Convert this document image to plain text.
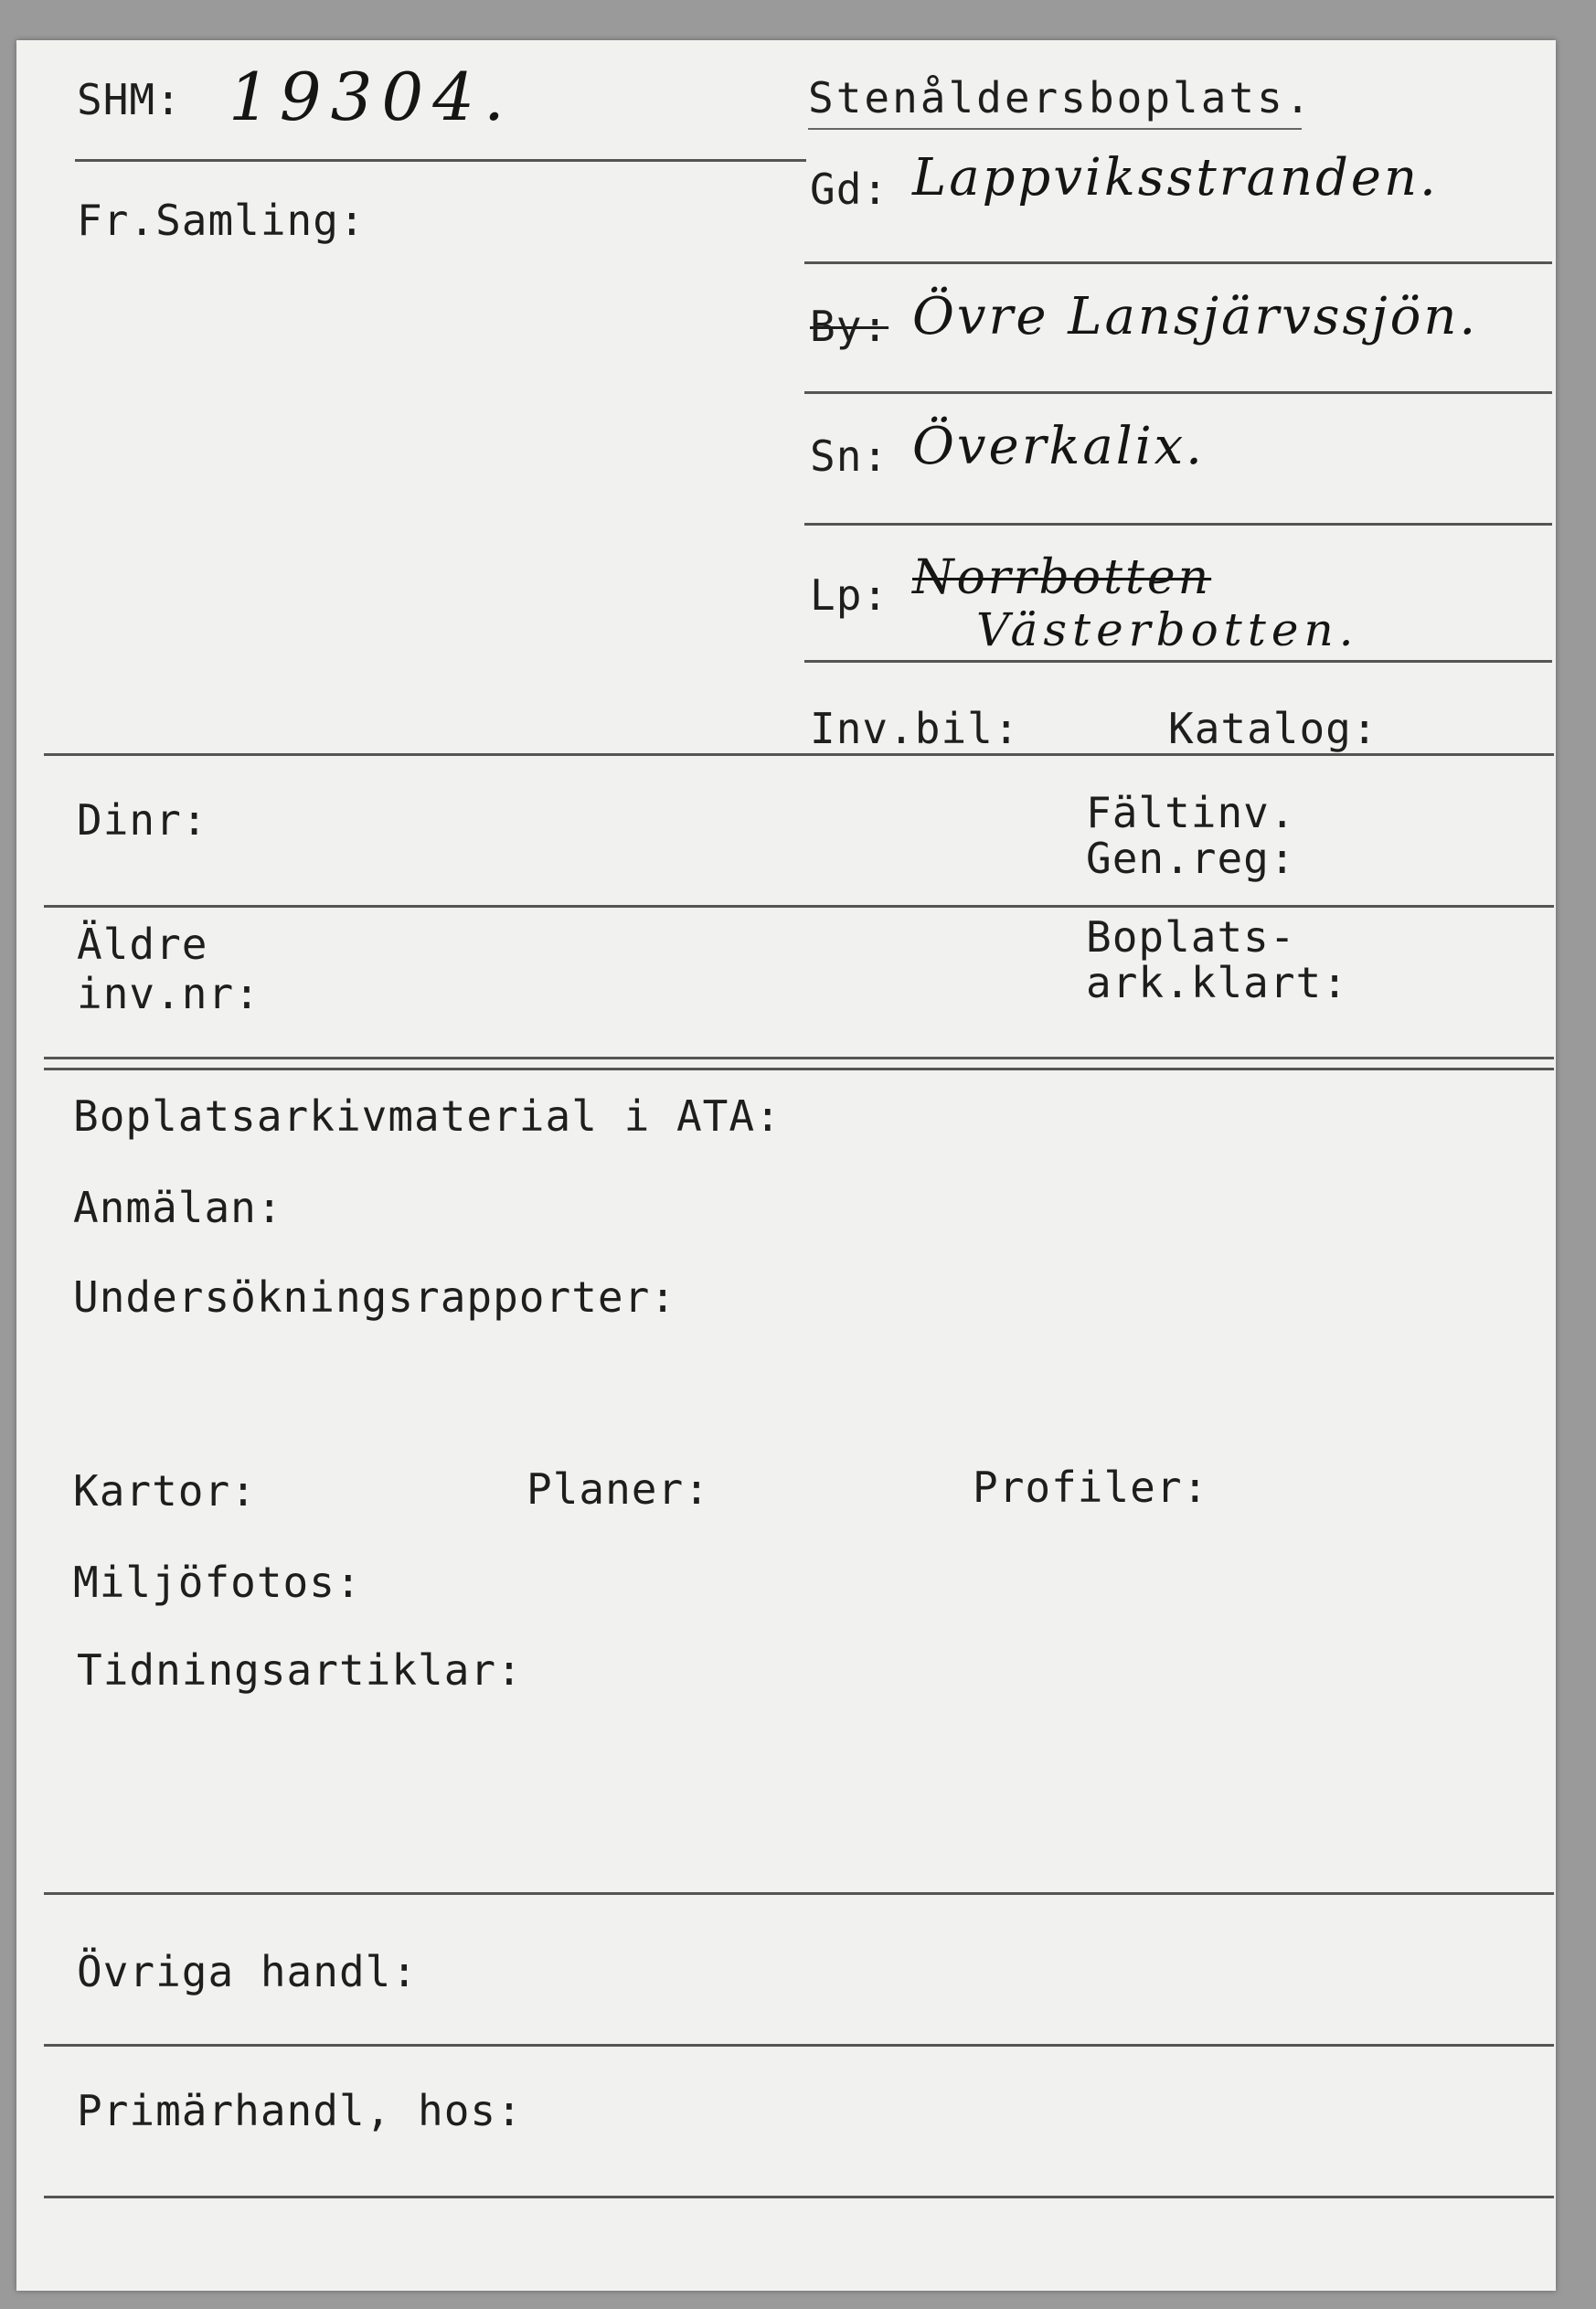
SHM: 19304.	Stenåldersboplats.
Fr.Samling:
Gd: Lappviksstranden.
By: Övre Lansjärvssjön.
Sn: Överkalix.
Lp: Norrbotten
Västerbotten.
Inv.bil:	Katalog:
Dinr:	Fältinv.
Gen.reg:
Äldre
inv.nr:
Boplats-
ark.klart:
Boplatsarkivmaterial i ATA:
Anmälan:
Undersökningsrapporter:
Kartor:	Planer:	Profiler:
Miljöfotos:
Tidningsartiklar:
Övriga handl:
Primärhandl, hos:
